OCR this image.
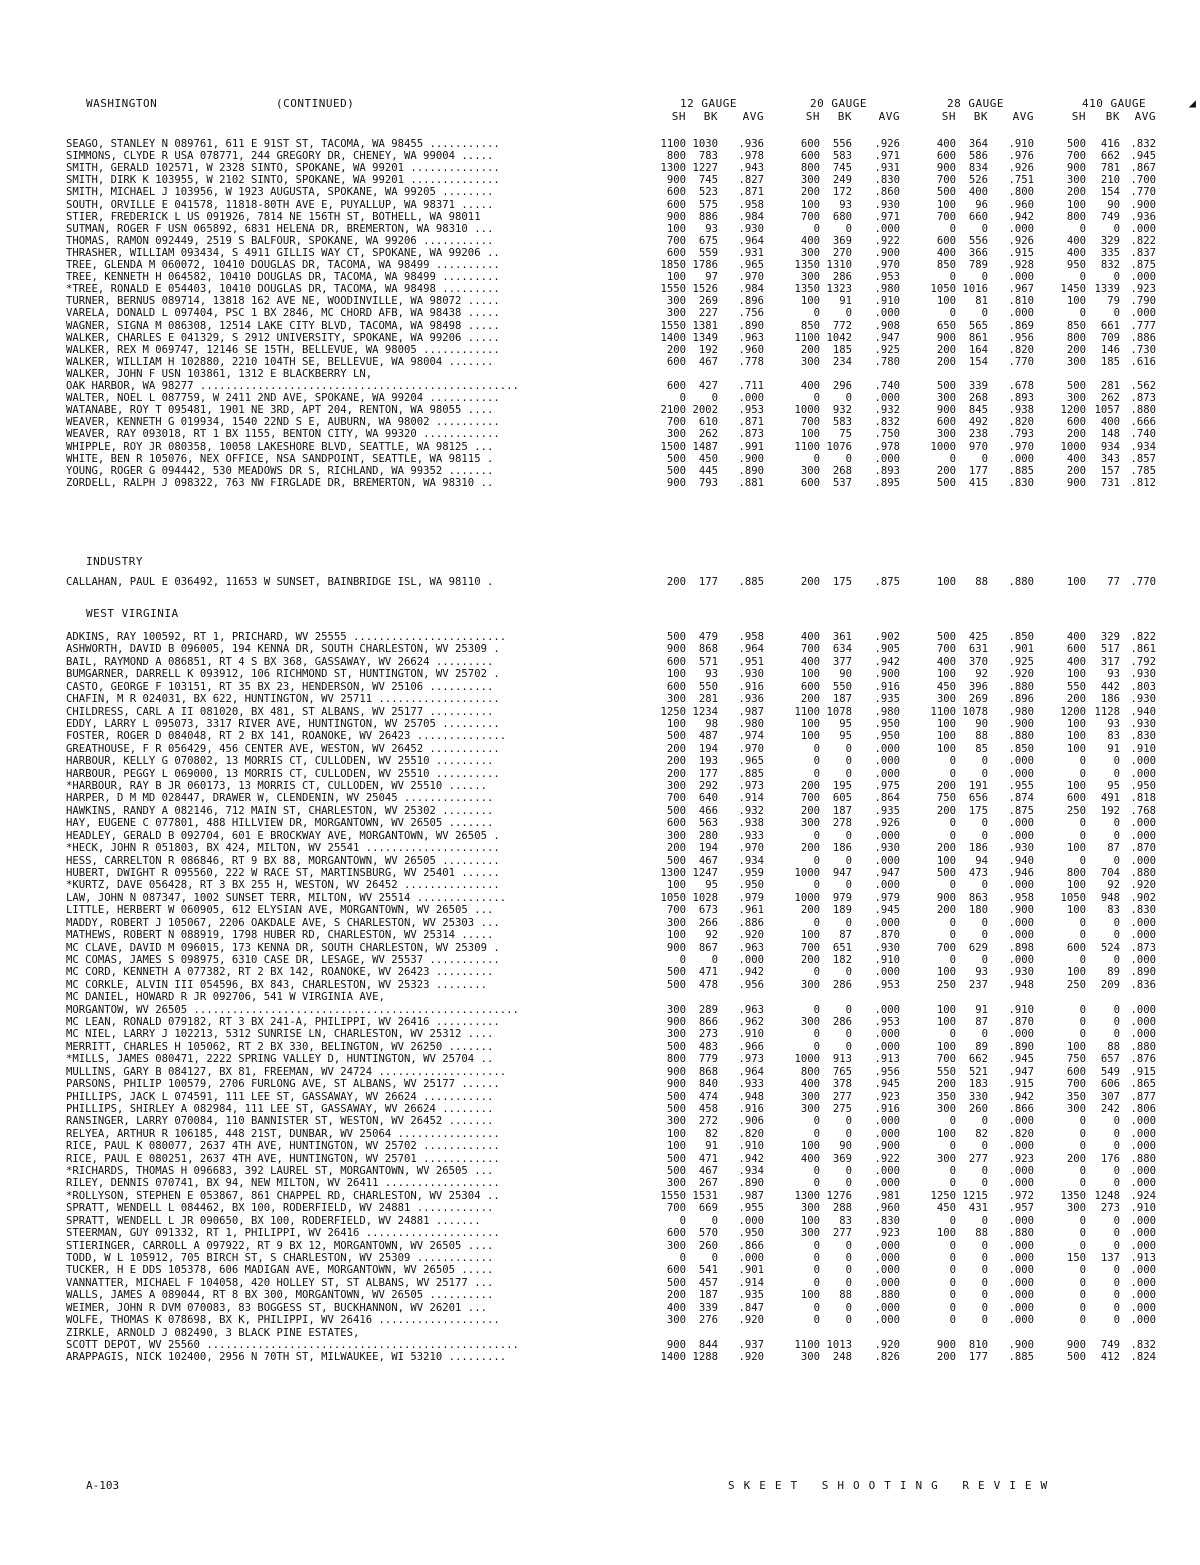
WASHINGTON	(CONTINUED)	12 GAUGE	20 GAUGE	28 GAUGE	410 GAUGE
SH	BK	AVG	SH	BK	AVG	SH	BK	AVG	SH	BK	AVG
SEAGO, STANLEY N 089761, 611 E 91ST ST, TACOMA, WA 98455 ...........	1100 1030	.936	600	556	.926	400	364	.910	500	416 .832
SIMMONS, CLYDE R USA 078771, 244 GREGORY DR, CHENEY, WA 99004 .....	800	783	.978	600	583	.971	600	586	.976	700	662 .945
SMITH, GERALD 102571, W 2328 SINTO, SPOKANE, WA 99201 ..............	1300 1227	.943	800	745	.931	900	834	.926	900	781 .867
SMITH, DIRK K 103955, W 2102 SINTO, SPOKANE, WA 99201 ..............	900	745	.827	300	249	.830	700	526	.751	300	210 .700
SMITH, MICHAEL J 103956, W 1923 AUGUSTA, SPOKANE, WA 99205 ........	600	523	.871	200	172	.860	500	400	.800	200	154 .770
SOUTH, ORVILLE E 041578, 11818-80TH AVE E, PUYALLUP, WA 98371 .....	600	575	.958	100	93	.930	100	96	.960	100	90 .900
STIER, FREDERICK L US 091926, 7814 NE 156TH ST, BOTHELL, WA 98011	900	886	.984	700	680	.971	700	660	.942	800	749 .936
SUTMAN, ROGER F USN 065892, 6831 HELENA DR, BREMERTON, WA 98310 ...	100	93	.930	0	0	.000	0	0	.000	0	0 .000
THOMAS, RAMON 092449, 2519 S BALFOUR, SPOKANE, WA 99206 ...........	700	675	.964	400	369	.922	600	556	.926	400	329 .822
THRASHER, WILLIAM 093434, S 4911 GILLIS WAY CT, SPOKANE, WA 99206 ..	600	559	.931	300	270	.900	400	366	.915	400	335 .837
TREE, GLENDA M 060072, 10410 DOUGLAS DR, TACOMA, WA 98499 ..........	1850 1786	.965	1350 1310	.970	850	789	.928	950	832 .875
TREE, KENNETH H 064582, 10410 DOUGLAS DR, TACOMA, WA 98499 .........	100	97	.970	300	286	.953	0	0	.000	0	0 .000
*TREE, RONALD E 054403, 10410 DOUGLAS DR, TACOMA, WA 98498 .........	1550 1526	.984	1350 1323	.980	1050 1016	.967	1450 1339 .923
TURNER, BERNUS 089714, 13818 162 AVE NE, WOODINVILLE, WA 98072 .....	300	269	.896	100	91	.910	100	81	.810	100	79 .790
VARELA, DONALD L 097404, PSC 1 BX 2846, MC CHORD AFB, WA 98438 .....	300	227	.756	0	0	.000	0	0	.000	0	0 .000
WAGNER, SIGNA M 086308, 12514 LAKE CITY BLVD, TACOMA, WA 98498 .....	1550 1381	.890	850	772	.908	650	565	.869	850	661 .777
WALKER, CHARLES E 041329, S 2912 UNIVERSITY, SPOKANE, WA 99206 .....	1400 1349	.963	1100 1042	.947	900	861	.956	800	709 .886
WALKER, REX M 069747, 12146 SE 15TH, BELLEVUE, WA 98005 ............	200	192	.960	200	185	.925	200	164	.820	200	146 .730
WALKER, WILLIAM H 102880, 2210 104TH SE, BELLEVUE, WA 98004 .......	600	467	.778	300	234	.780	200	154	.770	300	185 .616
WALKER, JOHN F USN 103861, 1312 E BLACKBERRY LN,
OAK HARBOR, WA 98277 ..................................................	600	427	.711	400	296	.740	500	339	.678	500	281 .562
WALTER, NOEL L 087759, W 2411 2ND AVE, SPOKANE, WA 99204 ...........	0	0	.000	0	0	.000	300	268	.893	300	262 .873
WATANABE, ROY T 095481, 1901 NE 3RD, APT 204, RENTON, WA 98055 ....	2100 2002	.953	1000	932	.932	900	845	.938	1200 1057 .880
WEAVER, KENNETH G 019934, 1540 22ND S E, AUBURN, WA 98002 ..........	700	610	.871	700	583	.832	600	492	.820	600	400 .666
WEAVER, RAY 093018, RT 1 BX 1155, BENTON CITY, WA 99320 ............	300	262	.873	100	75	.750	300	238	.793	200	148 .740
WHIPPLE, ROY JR 080358, 10058 LAKESHORE BLVD, SEATTLE, WA 98125 ...	1500 1487	.991	1100 1076	.978	1000	970	.970	1000	934 .934
WHITE, BEN R 105076, NEX OFFICE, NSA SANDPOINT, SEATTLE, WA 98115 .	500	450	.900	0	0	.000	0	0	.000	400	343 .857
YOUNG, ROGER G 094442, 530 MEADOWS DR S, RICHLAND, WA 99352 .......	500	445	.890	300	268	.893	200	177	.885	200	157 .785
ZORDELL, RALPH J 098322, 763 NW FIRGLADE DR, BREMERTON, WA 98310 ..	900	793	.881	600	537	.895	500	415	.830	900	731 .812
INDUSTRY
CALLAHAN, PAUL E 036492, 11653 W SUNSET, BAINBRIDGE ISL, WA 98110 .	200	177	.885	200	175	.875	100	88	.880	100	77 .770
WEST VIRGINIA
ADKINS, RAY 100592, RT 1, PRICHARD, WV 25555 ........................	500	479	.958	400	361	.902	500	425	.850	400	329 .822
ASHWORTH, DAVID B 096005, 194 KENNA DR, SOUTH CHARLESTON, WV 25309 .	900	868	.964	700	634	.905	700	631	.901	600	517 .861
BAIL, RAYMOND A 086851, RT 4 S BX 368, GASSAWAY, WV 26624 .........	600	571	.951	400	377	.942	400	370	.925	400	317 .792
BUMGARNER, DARRELL K 093912, 106 RICHMOND ST, HUNTINGTON, WV 25702 .	100	93	.930	100	90	.900	100	92	.920	100	93 .930
CASTO, GEORGE F 103151, RT 35 BX 23, HENDERSON, WV 25106 ..........	600	550	.916	600	550	.916	450	396	.880	550	442 .803
CHAFIN, M R 024031, BX 622, HUNTINGTON, WV 25711 ...................	300	281	.936	200	187	.935	300	269	.896	200	186 .930
CHILDRESS, CARL A II 081020, BX 481, ST ALBANS, WV 25177 ..........	1250 1234	.987	1100 1078	.980	1100 1078	.980	1200 1128 .940
EDDY, LARRY L 095073, 3317 RIVER AVE, HUNTINGTON, WV 25705 .........	100	98	.980	100	95	.950	100	90	.900	100	93 .930
FOSTER, ROGER D 084048, RT 2 BX 141, ROANOKE, WV 26423 ..............	500	487	.974	100	95	.950	100	88	.880	100	83 .830
GREATHOUSE, F R 056429, 456 CENTER AVE, WESTON, WV 26452 ...........	200	194	.970	0	0	.000	100	85	.850	100	91 .910
HARBOUR, KELLY G 070802, 13 MORRIS CT, CULLODEN, WV 25510 .........	200	193	.965	0	0	.000	0	0	.000	0	0 .000
HARBOUR, PEGGY L 069000, 13 MORRIS CT, CULLODEN, WV 25510 ..........	200	177	.885	0	0	.000	0	0	.000	0	0 .000
*HARBOUR, RAY B JR 060173, 13 MORRIS CT, CULLODEN, WV 25510 ......	300	292	.973	200	195	.975	200	191	.955	100	95 .950
HARPER, D M MD 028447, DRAWER W, CLENDENIN, WV 25045 ..............	700	640	.914	700	605	.864	750	656	.874	600	491 .818
HAWKINS, RANDY A 082146, 712 MAIN ST, CHARLESTON, WV 25302 ........	500	466	.932	200	187	.935	200	175	.875	250	192 .768
HAY, EUGENE C 077801, 488 HILLVIEW DR, MORGANTOWN, WV 26505 .......	600	563	.938	300	278	.926	0	0	.000	0	0 .000
HEADLEY, GERALD B 092704, 601 E BROCKWAY AVE, MORGANTOWN, WV 26505 .	300	280	.933	0	0	.000	0	0	.000	0	0 .000
*HECK, JOHN R 051803, BX 424, MILTON, WV 25541 .....................	200	194	.970	200	186	.930	200	186	.930	100	87 .870
HESS, CARRELTON R 086846, RT 9 BX 88, MORGANTOWN, WV 26505 .........	500	467	.934	0	0	.000	100	94	.940	0	0 .000
HUBERT, DWIGHT R 095560, 222 W RACE ST, MARTINSBURG, WV 25401 ......	1300 1247	.959	1000	947	.947	500	473	.946	800	704 .880
*KURTZ, DAVE 056428, RT 3 BX 255 H, WESTON, WV 26452 ...............	100	95	.950	0	0	.000	0	0	.000	100	92 .920
LAW, JOHN N 087347, 1002 SUNSET TERR, MILTON, WV 25514 ..............	1050 1028	.979	1000	979	.979	900	863	.958	1050	948 .902
LITTLE, HERBERT W 060905, 612 ELYSIAN AVE, MORGANTOWN, WV 26505 ...	700	673	.961	200	189	.945	200	180	.900	100	83 .830
MADDY, ROBERT J 105067, 2206 OAKDALE AVE, S CHARLESTON, WV 25303 ...	300	266	.886	0	0	.000	0	0	.000	0	0 .000
MATHEWS, ROBERT N 088919, 1798 HUBER RD, CHARLESTON, WV 25314 .....	100	92	.920	100	87	.870	0	0	.000	0	0 .000
MC CLAVE, DAVID M 096015, 173 KENNA DR, SOUTH CHARLESTON, WV 25309 .	900	867	.963	700	651	.930	700	629	.898	600	524 .873
MC COMAS, JAMES S 098975, 6310 CASE DR, LESAGE, WV 25537 ...........	0	0	.000	200	182	.910	0	0	.000	0	0 .000
MC CORD, KENNETH A 077382, RT 2 BX 142, ROANOKE, WV 26423 .........	500	471	.942	0	0	.000	100	93	.930	100	89 .890
MC CORKLE, ALVIN III 054596, BX 843, CHARLESTON, WV 25323 ........	500	478	.956	300	286	.953	250	237	.948	250	209 .836
MC DANIEL, HOWARD R JR 092706, 541 W VIRGINIA AVE,
MORGANTOW, WV 26505 ...................................................	300	289	.963	0	0	.000	100	91	.910	0	0 .000
MC LEAN, RONALD 079182, RT 3 BX 241-A, PHILIPPI, WV 26416 ..........	900	866	.962	300	286	.953	100	87	.870	0	0 .000
MC NIEL, LARRY J 102213, 5312 SUNRISE LN, CHARLESTON, WV 25312 ....	300	273	.910	0	0	.000	0	0	.000	0	0 .000
MERRITT, CHARLES H 105062, RT 2 BX 330, BELINGTON, WV 26250 .......	500	483	.966	0	0	.000	100	89	.890	100	88 .880
*MILLS, JAMES 080471, 2222 SPRING VALLEY D, HUNTINGTON, WV 25704 ..	800	779	.973	1000	913	.913	700	662	.945	750	657 .876
MULLINS, GARY B 084127, BX 81, FREEMAN, WV 24724 ....................	900	868	.964	800	765	.956	550	521	.947	600	549 .915
PARSONS, PHILIP 100579, 2706 FURLONG AVE, ST ALBANS, WV 25177 ......	900	840	.933	400	378	.945	200	183	.915	700	606 .865
PHILLIPS, JACK L 074591, 111 LEE ST, GASSAWAY, WV 26624 ...........	500	474	.948	300	277	.923	350	330	.942	350	307 .877
PHILLIPS, SHIRLEY A 082984, 111 LEE ST, GASSAWAY, WV 26624 ........	500	458	.916	300	275	.916	300	260	.866	300	242 .806
RANSINGER, LARRY 070084, 110 BANNISTER ST, WESTON, WV 26452 .......	300	272	.906	0	0	.000	0	0	.000	0	0 .000
RELYEA, ARTHUR R 106185, 448 21ST, DUNBAR, WV 25064 ................	100	82	.820	0	0	.000	100	82	.820	0	0 .000
RICE, PAUL K 080077, 2637 4TH AVE, HUNTINGTON, WV 25702 ............	100	91	.910	100	90	.900	0	0	.000	0	0 .000
RICE, PAUL E 080251, 2637 4TH AVE, HUNTINGTON, WV 25701 ............	500	471	.942	400	369	.922	300	277	.923	200	176 .880
*RICHARDS, THOMAS H 096683, 392 LAUREL ST, MORGANTOWN, WV 26505 ...	500	467	.934	0	0	.000	0	0	.000	0	0 .000
RILEY, DENNIS 070741, BX 94, NEW MILTON, WV 26411 ..................	300	267	.890	0	0	.000	0	0	.000	0	0 .000
*ROLLYSON, STEPHEN E 053867, 861 CHAPPEL RD, CHARLESTON, WV 25304 ..	1550 1531	.987	1300 1276	.981	1250 1215	.972	1350 1248 .924
SPRATT, WENDELL L 084462, BX 100, RODERFIELD, WV 24881 ............	700	669	.955	300	288	.960	450	431	.957	300	273 .910
SPRATT, WENDELL L JR 090650, BX 100, RODERFIELD, WV 24881 .......	0	0	.000	100	83	.830	0	0	.000	0	0 .000
STEERMAN, GUY 091332, RT 1, PHILIPPI, WV 26416 .....................	600	570	.950	300	277	.923	100	88	.880	0	0 .000
STIERINGER, CARROLL A 097922, RT 9 BX 12, MORGANTOWN, WV 26505 ....	300	260	.866	0	0	.000	0	0	.000	0	0 .000
TODD, W L 105912, 705 BIRCH ST, S CHARLESTON, WV 25309 ............	0	0	.000	0	0	.000	0	0	.000	150	137 .913
TUCKER, H E DDS 105378, 606 MADIGAN AVE, MORGANTOWN, WV 26505 .....	600	541	.901	0	0	.000	0	0	.000	0	0 .000
VANNATTER, MICHAEL F 104058, 420 HOLLEY ST, ST ALBANS, WV 25177 ...	500	457	.914	0	0	.000	0	0	.000	0	0 .000
WALLS, JAMES A 089044, RT 8 BX 300, MORGANTOWN, WV 26505 ..........	200	187	.935	100	88	.880	0	0	.000	0	0 .000
WEIMER, JOHN R DVM 070083, 83 BOGGESS ST, BUCKHANNON, WV 26201 ...	400	339	.847	0	0	.000	0	0	.000	0	0 .000
WOLFE, THOMAS K 078698, BX K, PHILIPPI, WV 26416 ...................	300	276	.920	0	0	.000	0	0	.000	0	0 .000
ZIRKLE, ARNOLD J 082490, 3 BLACK PINE ESTATES,
SCOTT DEPOT, WV 25560 .................................................	900	844	.937	1100 1013	.920	900	810	.900	900	749 .832
ARAPPAGIS, NICK 102400, 2956 N 70TH ST, MILWAUKEE, WI 53210 .........	1400 1288	.920	300	248	.826	200	177	.885	500	412 .824
A-103	SKEET SHOOTING REVIEW
◢
